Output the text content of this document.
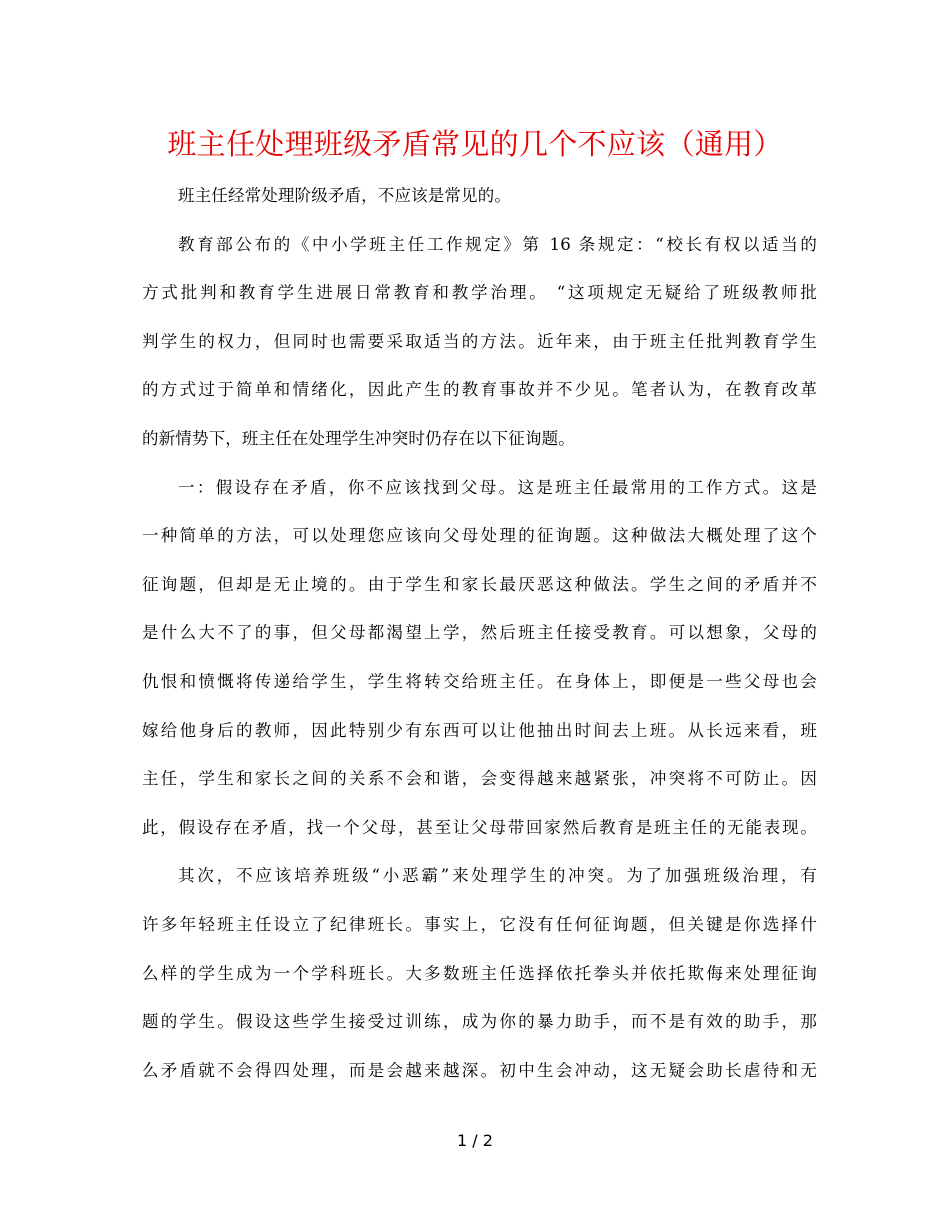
班主任处理班级矛盾常见的几个不应该（通用）
班主任经常处理阶级矛盾，不应该是常见的。
教育部公布的《中小学班主任工作规定》第 16 条规定：“校长有权以适当的
方式批判和教育学生进展日常教育和教学治理。 “这项规定无疑给了班级教师批
判学生的权力，但同时也需要采取适当的方法。近年来，由于班主任批判教育学生
的方式过于简单和情绪化，因此产生的教育事故并不少见。笔者认为，在教育改革
的新情势下，班主任在处理学生冲突时仍存在以下征询题。
一：假设存在矛盾，你不应该找到父母。这是班主任最常用的工作方式。这是
一种简单的方法，可以处理您应该向父母处理的征询题。这种做法大概处理了这个
征询题，但却是无止境的。由于学生和家长最厌恶这种做法。学生之间的矛盾并不
是什么大不了的事，但父母都渴望上学，然后班主任接受教育。可以想象，父母的
仇恨和愤慨将传递给学生，学生将转交给班主任。在身体上，即便是一些父母也会
嫁给他身后的教师，因此特别少有东西可以让他抽出时间去上班。从长远来看，班
主任，学生和家长之间的关系不会和谐，会变得越来越紧张，冲突将不可防止。因
此，假设存在矛盾，找一个父母，甚至让父母带回家然后教育是班主任的无能表现。
其次，不应该培养班级“小恶霸”来处理学生的冲突。为了加强班级治理，有
许多年轻班主任设立了纪律班长。事实上，它没有任何征询题，但关键是你选择什
么样的学生成为一个学科班长。大多数班主任选择依托拳头并依托欺侮来处理征询
题的学生。假设这些学生接受过训练，成为你的暴力助手，而不是有效的助手，那
么矛盾就不会得四处理，而是会越来越深。初中生会冲动，这无疑会助长虐待和无
1 / 2
